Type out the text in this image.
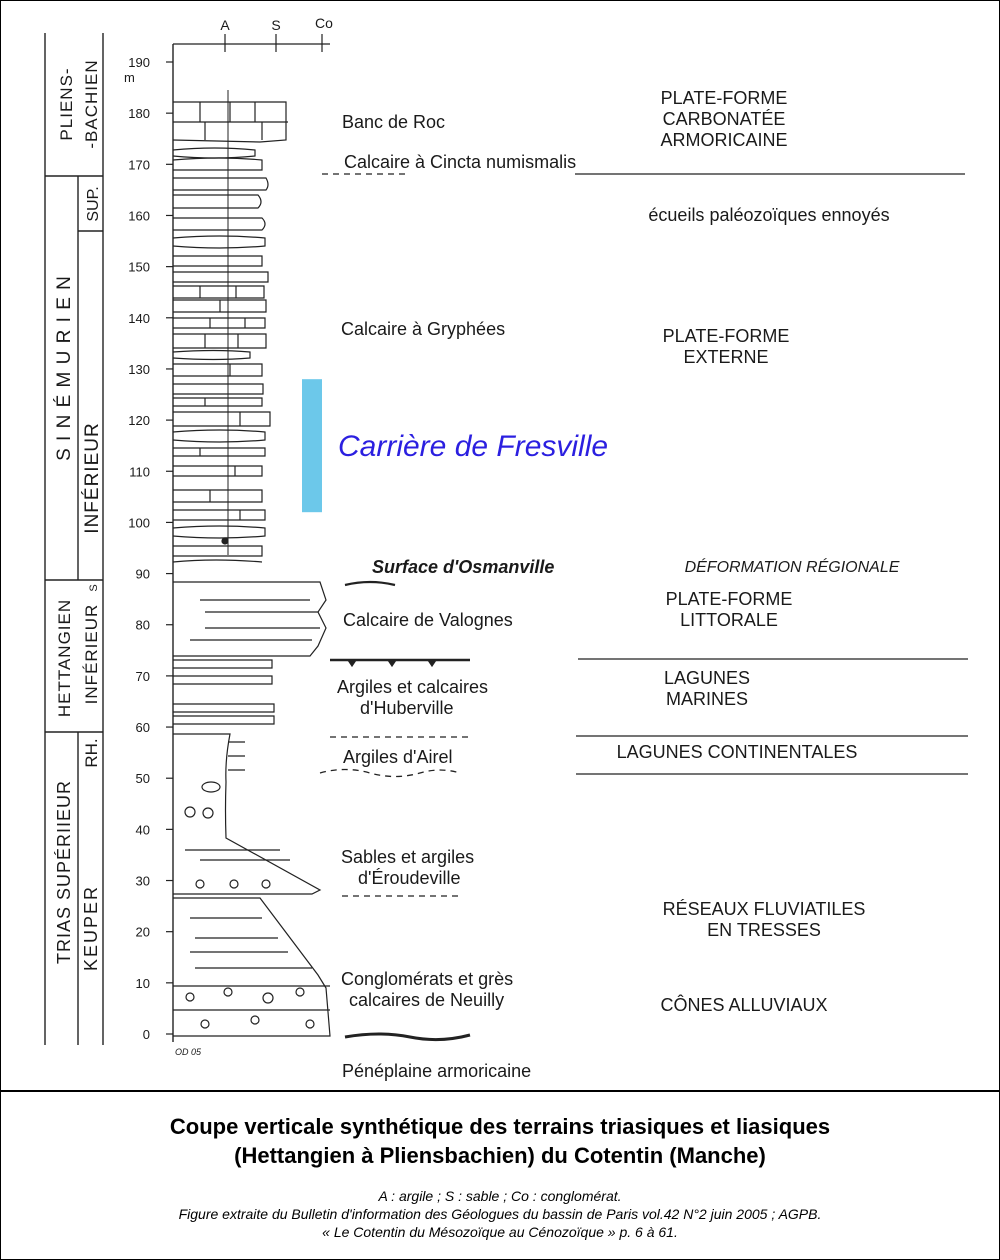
PLIENS- -BACHIEN
S I N É M U R I E N
SUP.
INFÉRIEUR
HETTANGIEN INFÉRIEUR
S
TRIAS SUPÉRIIEUR KEUPER
RH.
m
190
180
170
160
150
140
130
120
110
100
90
80
70
60
50
40
30
20
10
0
A	S Co
Carrière de Fresville
Banc de Roc
Calcaire à Cincta numismalis
Calcaire à Gryphées
Surface d'Osmanville
Calcaire de Valognes
Argiles et calcaires
d'Huberville
Argiles d'Airel
Sables et argiles
d'Éroudeville
Conglomérats et grès
calcaires de Neuilly
Pénéplaine armoricaine
PLATE-FORME
CARBONATÉE
ARMORICAINE
écueils paléozoïques ennoyés
PLATE-FORME
EXTERNE
DÉFORMATION RÉGIONALE
PLATE-FORME
LITTORALE
LAGUNES
MARINES
LAGUNES CONTINENTALES
RÉSEAUX FLUVIATILES
EN TRESSES
CÔNES ALLUVIAUX
OD 05
Coupe verticale synthétique des terrains triasiques et liasiques
(Hettangien à Pliensbachien) du Cotentin (Manche)
A : argile ; S : sable ; Co : conglomérat.
Figure extraite du Bulletin d'information des Géologues du bassin de Paris vol.42 N°2 juin 2005 ; AGPB.
« Le Cotentin du Mésozoïque au Cénozoïque » p. 6 à 61.
